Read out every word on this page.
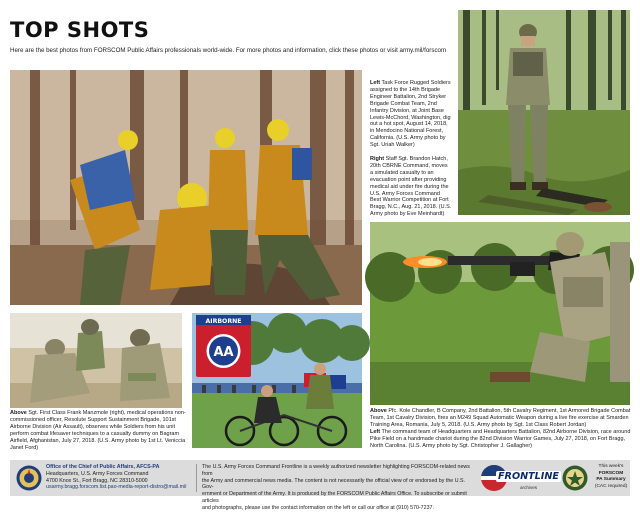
TOP SHOTS
Here are the best photos from FORSCOM Public Affairs professionals world-wide. For more photos and information, click these photos or visit army.mil/forscom
Left Task Force Rugged Soldiers assigned to the 14th Brigade Engineer Battalion, 2nd Stryker Brigade Combat Team, 2nd Infantry Division, at Joint Base Lewis-McChord, Washington, dig out a hot spot, August 14, 2018, in Mendocino National Forest, California. (U.S. Army photo by Sgt. Uriah Walker)

Right Staff Sgt. Brandon Hatch, 20th CBRNE Command, moves a simulated casualty to an evacuation point after providing medical aid under fire during the U.S. Army Forces Command Best Warrior Competition at Fort Bragg, N.C., Aug. 21, 2018. (U.S. Army photo by Eve Meinhardt)
AIRBORNE
AA
Above Sgt. First Class Frank Manzmole (right), medical operations non-commissioned officer, Resolute Support Sustainment Brigade, 101st Airborne Division (Air Assault), observes while Soldiers from his unit perform combat lifesaver techniques to a casualty dummy on Bagram Airfield, Afghanistan, July 27, 2018. (U.S. Army photo by 1st Lt. Veniccia Janet Ford)
Above Pfc. Kole Chandler, B Company, 2nd Battalion, 5th Cavalry Regiment, 1st Armored Brigade Combat Team, 1st Cavalry Division, fires an M249 Squad Automatic Weapon during a live fire exercise at Smarden Training Area, Romania, July 5, 2018. (U.S. Army photo by Sgt. 1st Class Robert Jordan)
Left The command team of Headquarters and Headquarters Battalion, 82nd Airborne Division, race around Pike Field on a handmade chariot during the 82nd Division Warrior Games, July 27, 2018, on Fort Bragg, North Carolina. (U.S. Army photo by Sgt. Christopher J. Gallagher)
Office of the Chief of Public Affairs, AFCS-PA
Headquarters, U.S. Army Forces Command
4700 Knox St., Fort Bragg, NC 28310-5000
usarmy.bragg.forscom.list.pao-media-report-distro@mail.mil
The U.S. Army Forces Command Frontline is a weekly authorized newsletter highlighting FORSCOM-related news from
the Army and commercial news media. The content is not necessarily the official view of or endorsed by the U.S. Gov-
ernment or Department of the Army. It is produced by the FORSCOM Public Affairs Office. To subscribe or submit articles
and photographs, please use the contact information on the left or call our office at (910) 570-7237.
FRONTLINE
archives
This week's
FORSCOM
PA Summary
(CAC required)
